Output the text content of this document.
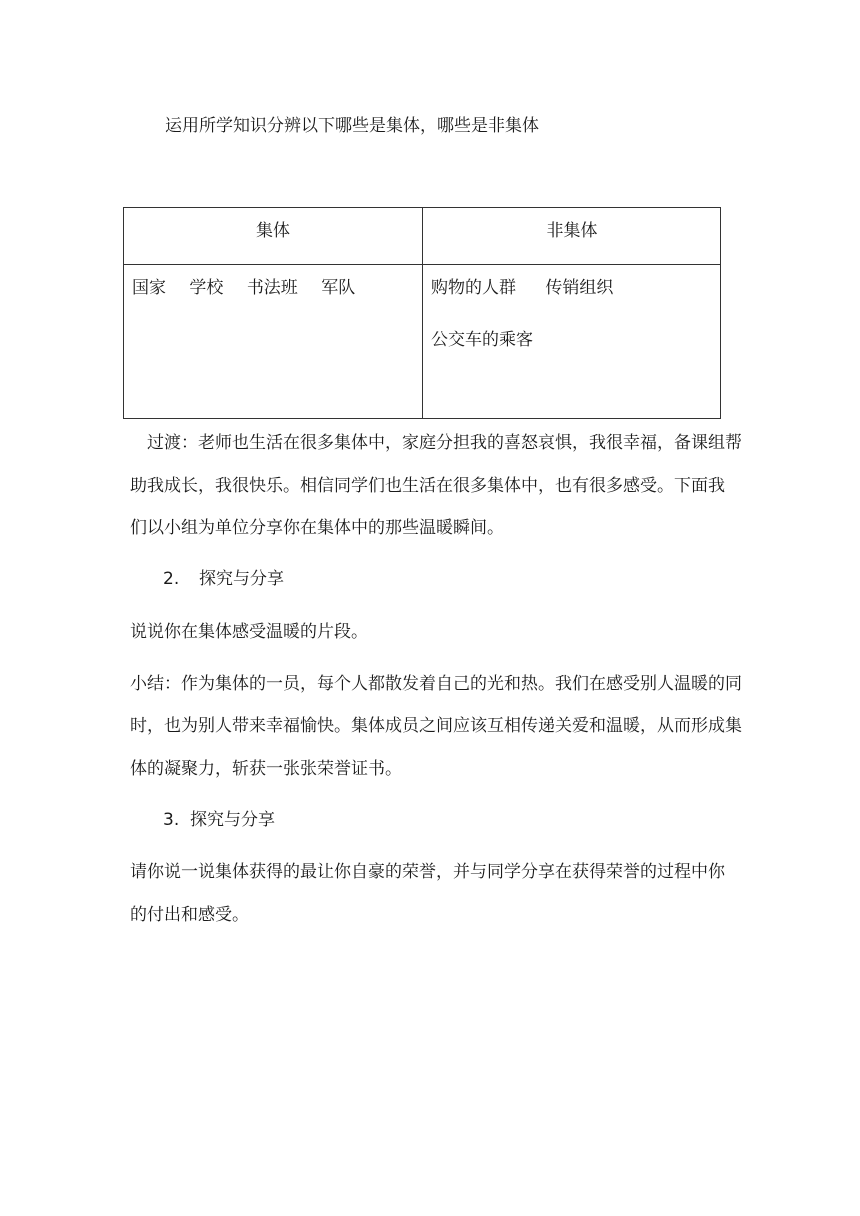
运用所学知识分辨以下哪些是集体，哪些是非集体
集体	非集体
国家 学校 书法班 军队	购物的人群 传销组织
公交车的乘客
过渡：老师也生活在很多集体中，家庭分担我的喜怒哀惧，我很幸福，备课组帮
助我成长，我很快乐。相信同学们也生活在很多集体中，也有很多感受。下面我
们以小组为单位分享你在集体中的那些温暖瞬间。
2. 探究与分享
说说你在集体感受温暖的片段。
小结：作为集体的一员，每个人都散发着自己的光和热。我们在感受别人温暖的同
时，也为别人带来幸福愉快。集体成员之间应该互相传递关爱和温暖，从而形成集
体的凝聚力，斩获一张张荣誉证书。
3. 探究与分享
请你说一说集体获得的最让你自豪的荣誉，并与同学分享在获得荣誉的过程中你
的付出和感受。
